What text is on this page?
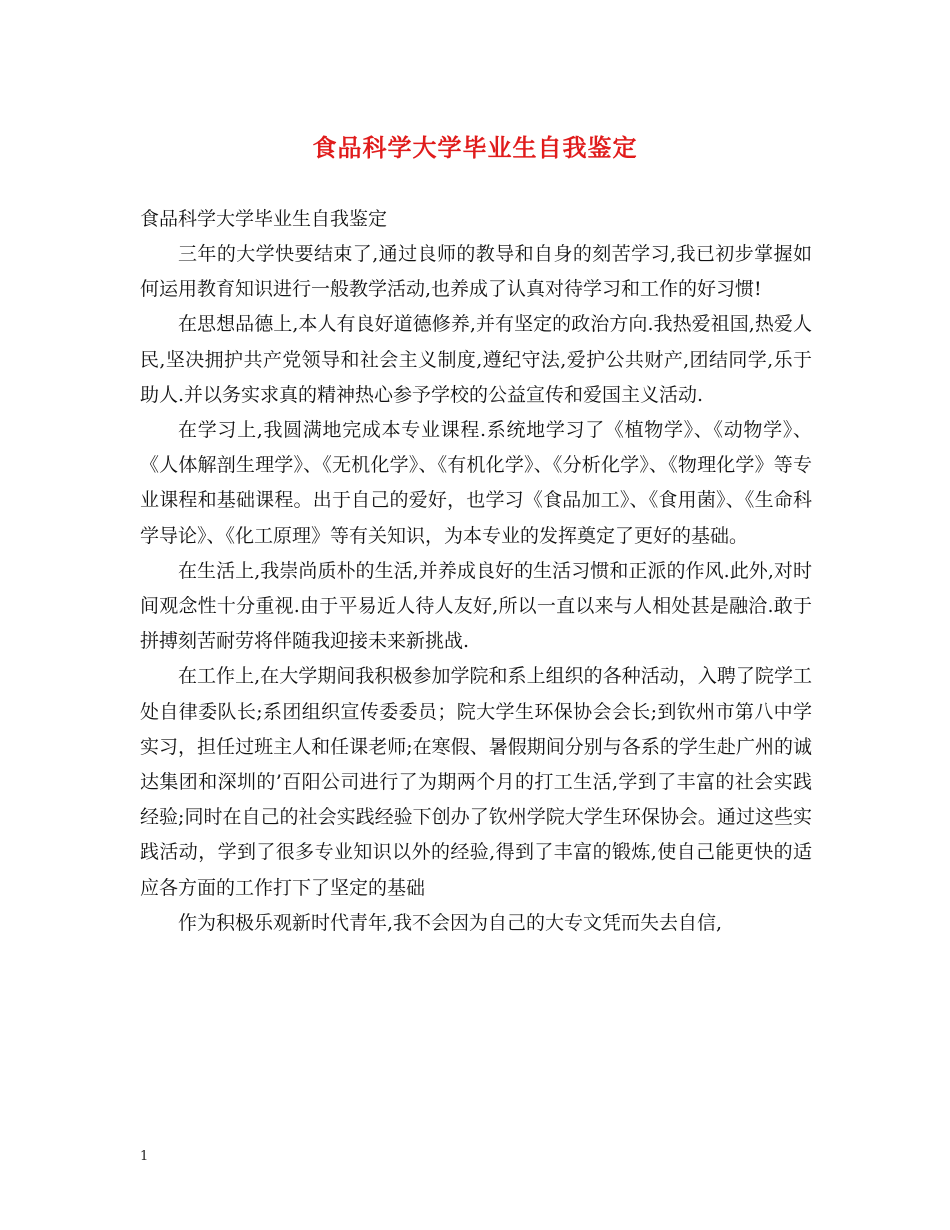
食品科学大学毕业生自我鉴定

食品科学大学毕业生自我鉴定

三年的大学快要结束了,通过良师的教导和自身的刻苦学习,我已初步掌握如何运用教育知识进行一般教学活动,也养成了认真对待学习和工作的好习惯!

在思想品德上,本人有良好道德修养,并有坚定的政治方向.我热爱祖国,热爱人民,坚决拥护共产党领导和社会主义制度,遵纪守法,爱护公共财产,团结同学,乐于助人.并以务实求真的精神热心参予学校的公益宣传和爱国主义活动.

在学习上,我圆满地完成本专业课程.系统地学习了《植物学》、《动物学》、《人体解剖生理学》、《无机化学》、《有机化学》、《分析化学》、《物理化学》等专业课程和基础课程。出于自己的爱好，也学习《食品加工》、《食用菌》、《生命科学导论》、《化工原理》等有关知识，为本专业的发挥奠定了更好的基础。

在生活上,我崇尚质朴的生活,并养成良好的生活习惯和正派的作风.此外,对时间观念性十分重视.由于平易近人待人友好,所以一直以来与人相处甚是融洽.敢于拼搏刻苦耐劳将伴随我迎接未来新挑战.

在工作上,在大学期间我积极参加学院和系上组织的各种活动，入聘了院学工处自律委队长;系团组织宣传委委员；院大学生环保协会会长;到钦州市第八中学实习，担任过班主人和任课老师;在寒假、暑假期间分别与各系的学生赴广州的诚达集团和深圳的’百阳公司进行了为期两个月的打工生活,学到了丰富的社会实践经验;同时在自己的社会实践经验下创办了钦州学院大学生环保协会。通过这些实践活动，学到了很多专业知识以外的经验,得到了丰富的锻炼,使自己能更快的适应各方面的工作打下了坚定的基础

作为积极乐观新时代青年,我不会因为自己的大专文凭而失去自信,

1
